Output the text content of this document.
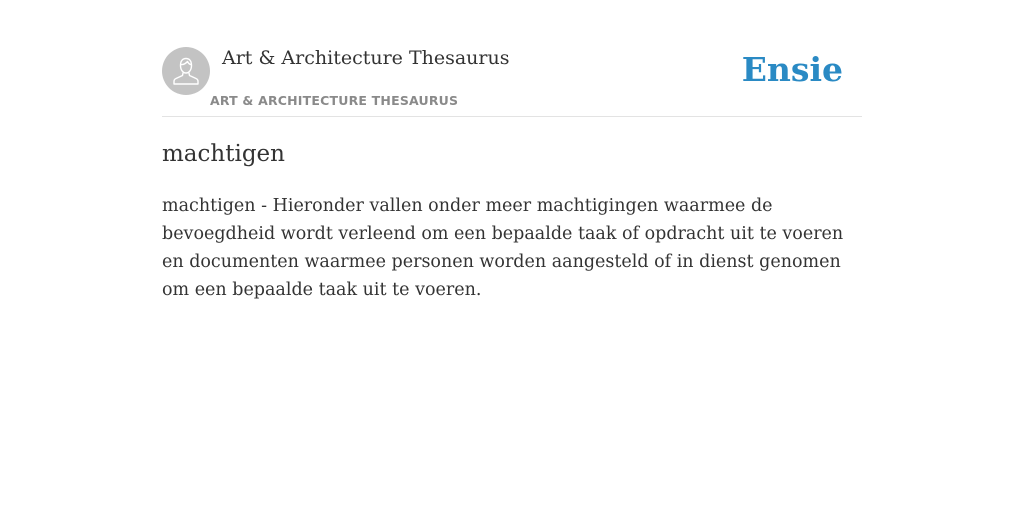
Art & Architecture Thesaurus
ART & ARCHITECTURE THESAURUS
Ensie
machtigen

machtigen - Hieronder vallen onder meer machtigingen waarmee de bevoegdheid wordt verleend om een bepaalde taak of opdracht uit te voeren en documenten waarmee personen worden aangesteld of in dienst genomen om een bepaalde taak uit te voeren.
